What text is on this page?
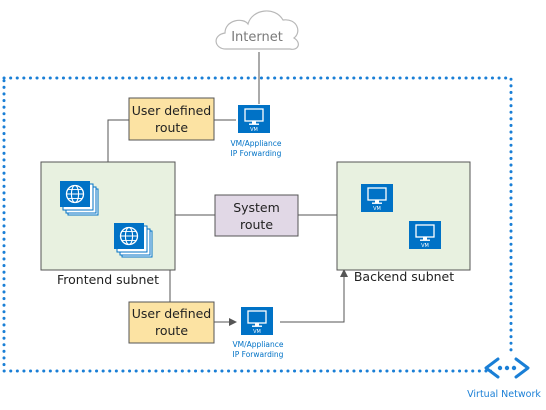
Internet
Frontend subnet
VM
VM
Backend subnet
User defined
route
User defined
route
System
route
VM
VM/Appliance
IP Forwarding
VM
VM/Appliance
IP Forwarding
Virtual Network
